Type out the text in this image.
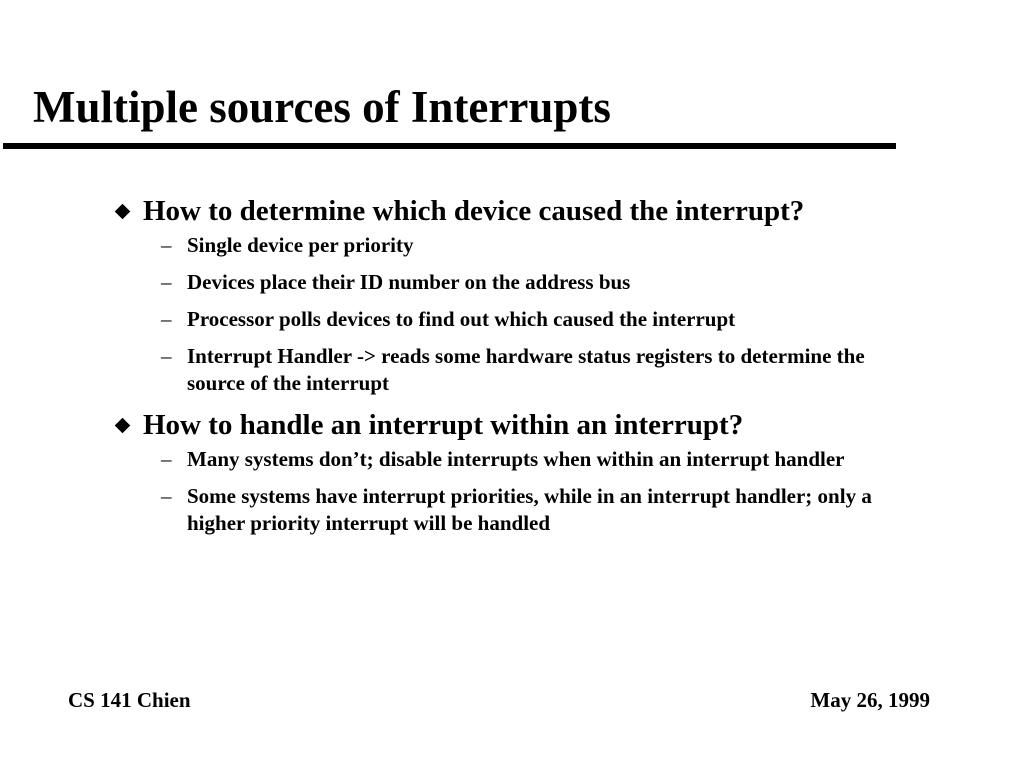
Multiple sources of Interrupts
How to determine which device caused the interrupt?
– Single device per priority
– Devices place their ID number on the address bus
– Processor polls devices to find out which caused the interrupt
– Interrupt Handler -> reads some hardware status registers to determine the source of the interrupt
How to handle an interrupt within an interrupt?
– Many systems don’t; disable interrupts when within an interrupt handler
– Some systems have interrupt priorities, while in an interrupt handler; only a higher priority interrupt will be handled
CS 141 Chien	May 26, 1999
